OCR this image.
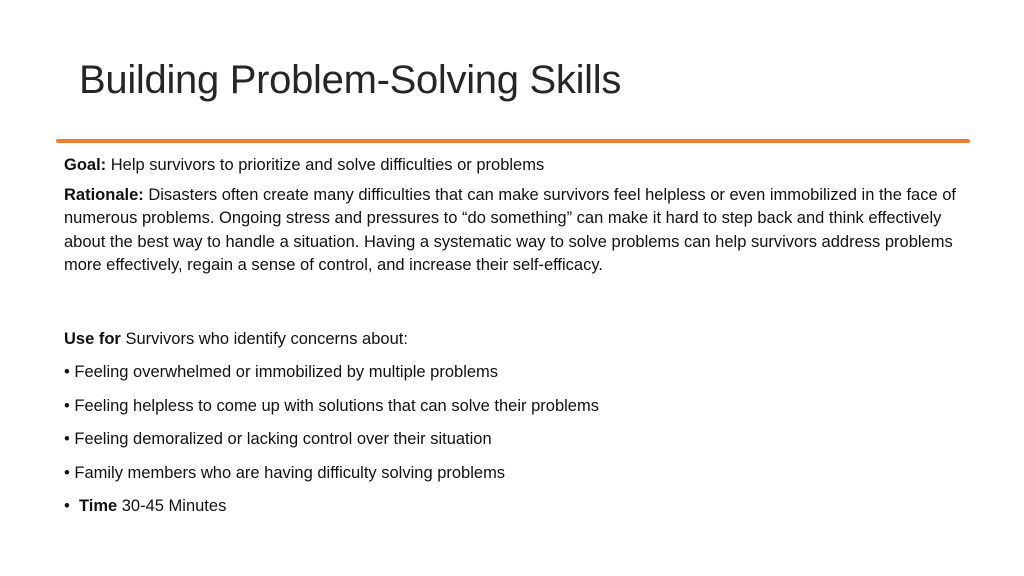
Building Problem-Solving Skills

Goal: Help survivors to prioritize and solve difficulties or problems

Rationale: Disasters often create many difficulties that can make survivors feel helpless or even immobilized in the face of numerous problems. Ongoing stress and pressures to “do something” can make it hard to step back and think effectively about the best way to handle a situation. Having a systematic way to solve problems can help survivors address problems more effectively, regain a sense of control, and increase their self-efficacy.

Use for Survivors who identify concerns about:

• Feeling overwhelmed or immobilized by multiple problems

• Feeling helpless to come up with solutions that can solve their problems

• Feeling demoralized or lacking control over their situation

• Family members who are having difficulty solving problems

• Time 30-45 Minutes
